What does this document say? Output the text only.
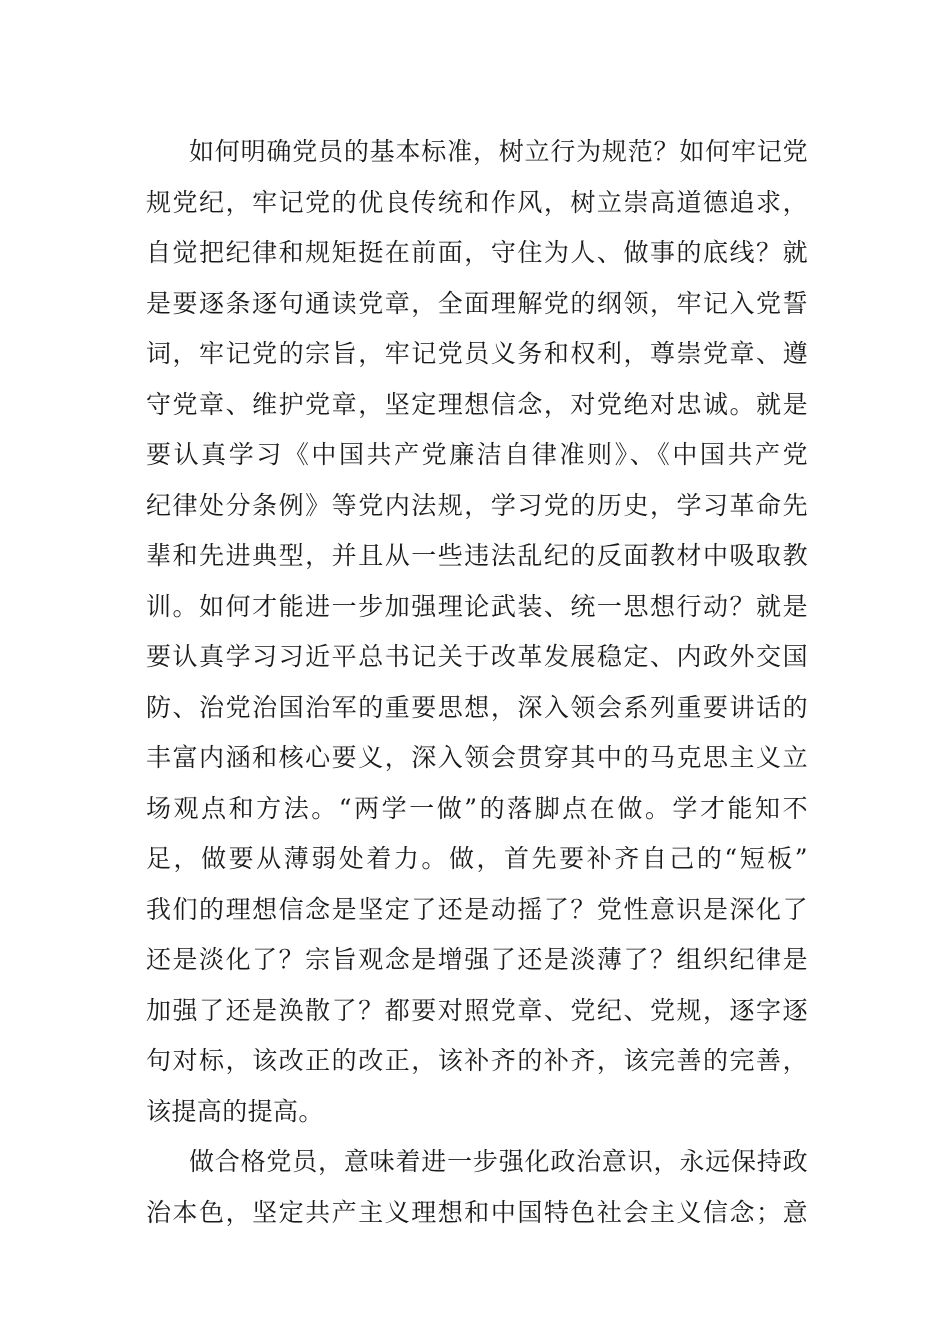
如何明确党员的基本标准，树立行为规范？如何牢记党
规党纪，牢记党的优良传统和作风，树立崇高道德追求，
自觉把纪律和规矩挺在前面，守住为人、做事的底线？就
是要逐条逐句通读党章，全面理解党的纲领，牢记入党誓
词，牢记党的宗旨，牢记党员义务和权利，尊崇党章、遵
守党章、维护党章，坚定理想信念，对党绝对忠诚。就是
要认真学习《中国共产党廉洁自律准则》、《中国共产党
纪律处分条例》等党内法规，学习党的历史，学习革命先
辈和先进典型，并且从一些违法乱纪的反面教材中吸取教
训。如何才能进一步加强理论武装、统一思想行动？就是
要认真学习习近平总书记关于改革发展稳定、内政外交国
防、治党治国治军的重要思想，深入领会系列重要讲话的
丰富内涵和核心要义，深入领会贯穿其中的马克思主义立
场观点和方法。“两学一做”的落脚点在做。学才能知不
足，做要从薄弱处着力。做，首先要补齐自己的“短板”
我们的理想信念是坚定了还是动摇了？党性意识是深化了
还是淡化了？宗旨观念是增强了还是淡薄了？组织纪律是
加强了还是涣散了？都要对照党章、党纪、党规，逐字逐
句对标，该改正的改正，该补齐的补齐，该完善的完善，
该提高的提高。
做合格党员，意味着进一步强化政治意识，永远保持政
治本色，坚定共产主义理想和中国特色社会主义信念；意
